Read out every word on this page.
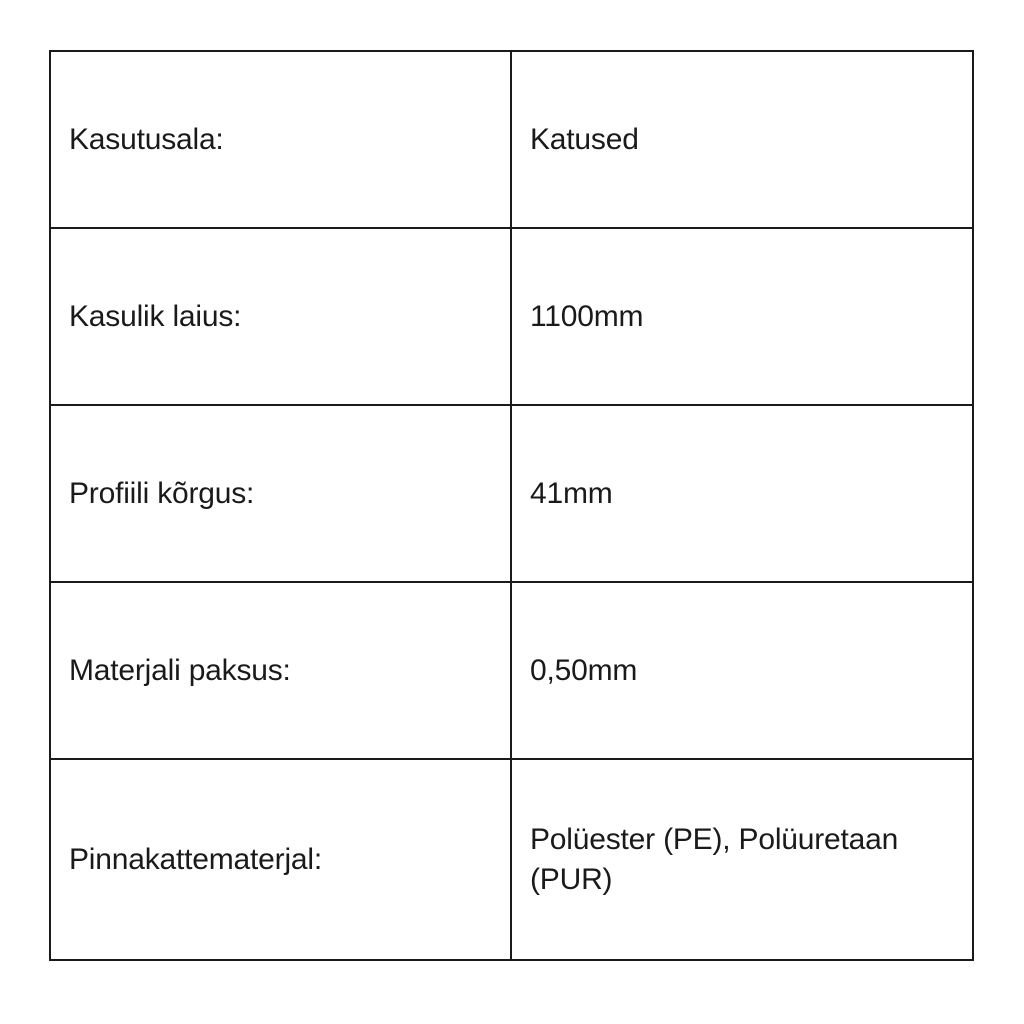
Kasutusala:	Katused
Kasulik laius:	1100mm
Profiili kõrgus:	41mm
Materjali paksus:	0,50mm
Pinnakattematerjal:	Polüester (PE), Polüuretaan (PUR)
